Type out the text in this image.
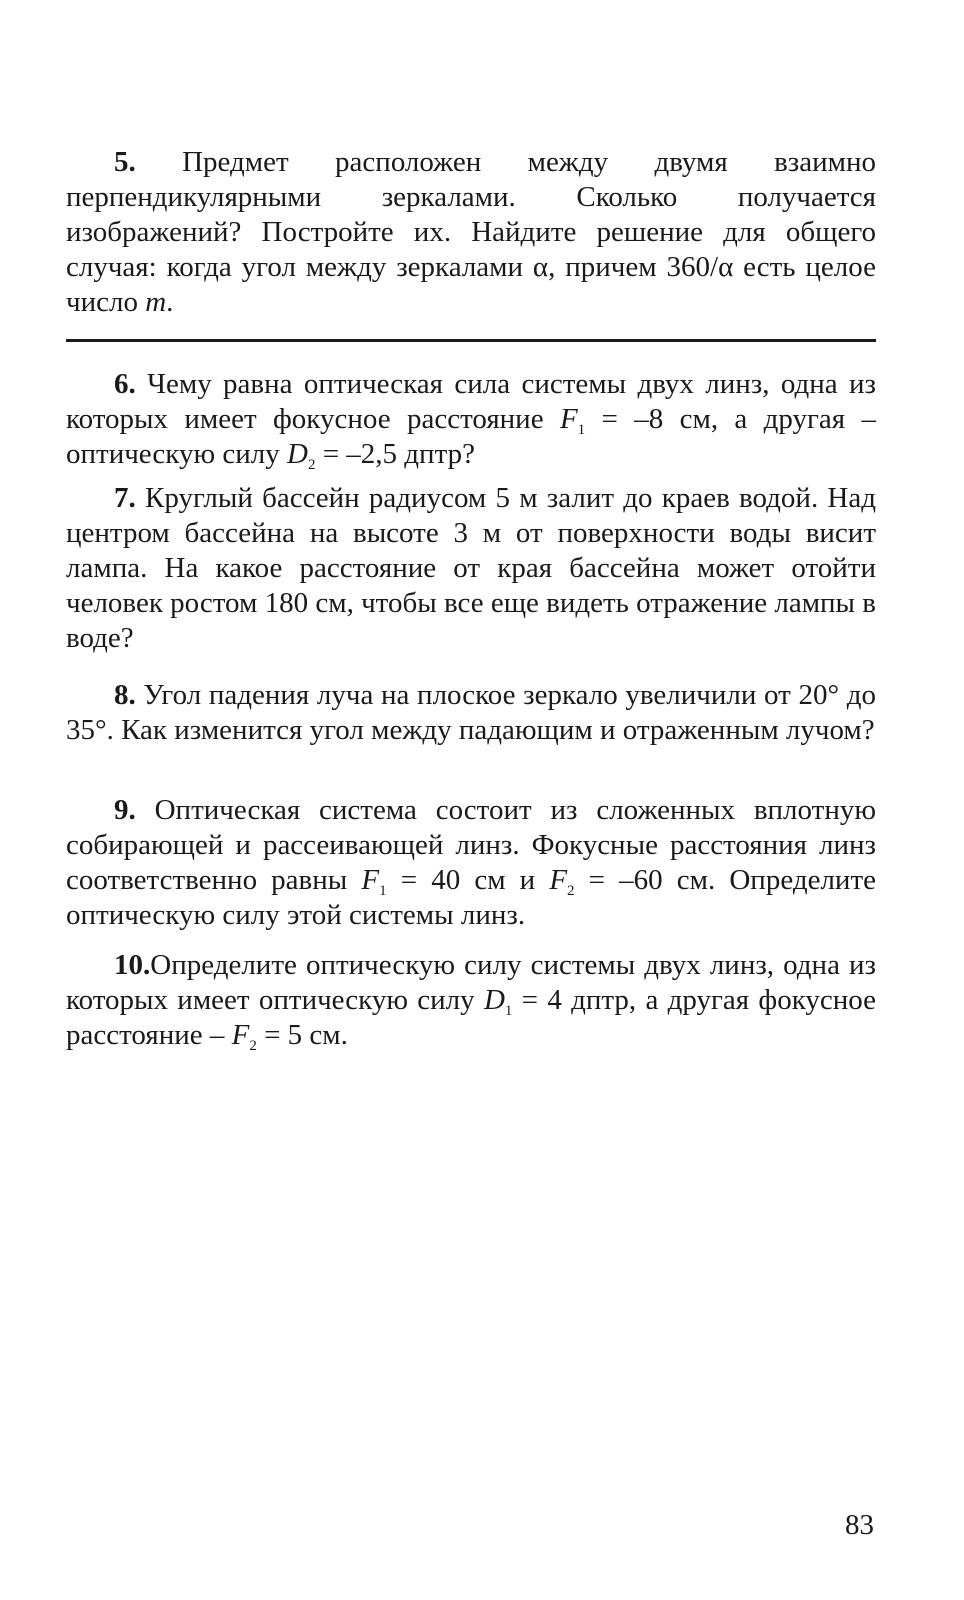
5. Предмет расположен между двумя взаимно перпендикулярными зеркалами. Сколько получается изображений? Постройте их. Найдите решение для общего случая: когда угол между зеркалами α, причем 360/α есть целое число m.
6. Чему равна оптическая сила системы двух линз, одна из которых имеет фокусное расстояние $F_1 = -8$ см, а другая – оптическую силу $D_2 = -2,5$ дптр?
7. Круглый бассейн радиусом 5 м залит до краев водой. Над центром бассейна на высоте 3 м от поверхности воды висит лампа. На какое расстояние от края бассейна может отойти человек ростом 180 см, чтобы все еще видеть отражение лампы в воде?
8. Угол падения луча на плоское зеркало увеличили от 20° до 35°. Как изменится угол между падающим и отраженным лучом?
9. Оптическая система состоит из сложенных вплотную собирающей и рассеивающей линз. Фокусные расстояния линз соответственно равны $F_1 = 40$ см и $F_2 = -60$ см. Определите оптическую силу этой системы линз.
10.Определите оптическую силу системы двух линз, одна из которых имеет оптическую силу $D_1 = 4$ дптр, а другая фокусное расстояние – $F_2 = 5$ см.
83
